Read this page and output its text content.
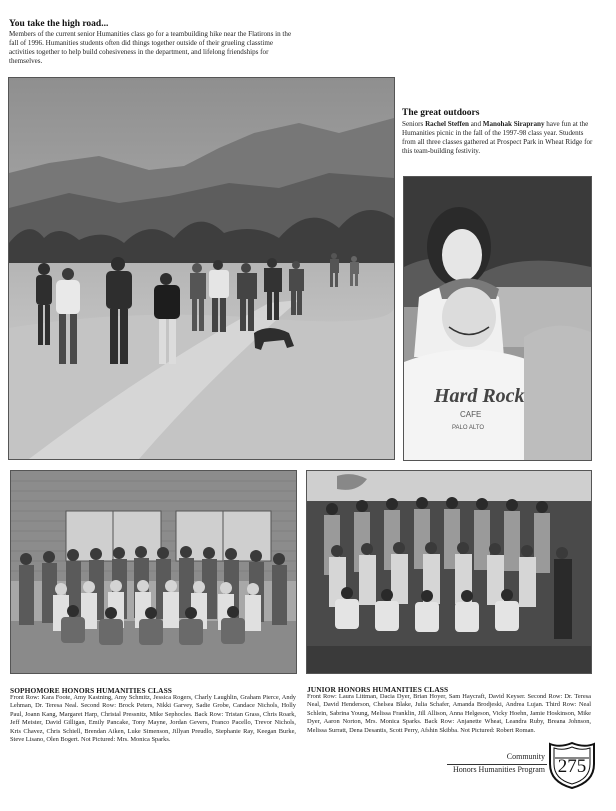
You take the high road...
Members of the current senior Humanities class go for a teambuilding hike near the Flatirons in the fall of 1996. Humanities students often did things together outside of their grueling classtime activities together to help build cohesiveness in the department, and lifelong friendships for themselves.
The great outdoors
Seniors Rachel Steffen and Manohak Siraprany have fun at the Humanities picnic in the fall of the 1997-98 class year. Students from all three classes gathered at Prospect Park in Wheat Ridge for this team-building festivity.
Hard Rock
CAFE
PALO ALTO
SOPHOMORE HONORS HUMANITIES CLASS
Front Row: Kara Foote, Amy Kastning, Amy Schmitz, Jessica Rogers, Charly Laughlin, Graham Pierce, Andy Lehman, Dr. Teresa Neal. Second Row: Brock Peters, Nikki Garvey, Sadie Grobe, Candace Nichols, Holly Paul, Joann Kang, Margaret Harp, Christal Pressnitz, Mike Sephocles. Back Row: Tristan Grass, Chris Roark, Jeff Meister, David Gilligan, Emily Pancake, Tony Mayne, Jordan Gevers, Franco Pacello, Trevor Nichols, Kris Chavez, Chris Schiell, Brendan Aiken, Luke Simenson, Jillyan Preudlo, Stephanie Ray, Keegan Burke, Steve Lisano, Olen Bogert. Not Pictured: Mrs. Monica Sparks.
JUNIOR HONORS HUMANITIES CLASS
Front Row: Laura Littman, Dacia Dyer, Brian Hoyer, Sam Haycraft, David Keyser. Second Row: Dr. Teresa Neal, David Henderson, Chelsea Blake, Julia Schafer, Amanda Brodjeski, Andrea Lujan. Third Row: Neal Schlein, Sabrina Young, Melissa Franklin, Jill Allison, Anna Helgeson, Vicky Hoehn, Jamie Hoskinson, Mike Dyer, Aaron Norton, Mrs. Monica Sparks. Back Row: Anjanette Wheat, Leandra Ruby, Breana Johnson, Melissa Surratt, Dena Desantis, Scott Perry, Afshin Skibba. Not Pictured: Robert Roman.
Community
Honors Humanities Program 275
